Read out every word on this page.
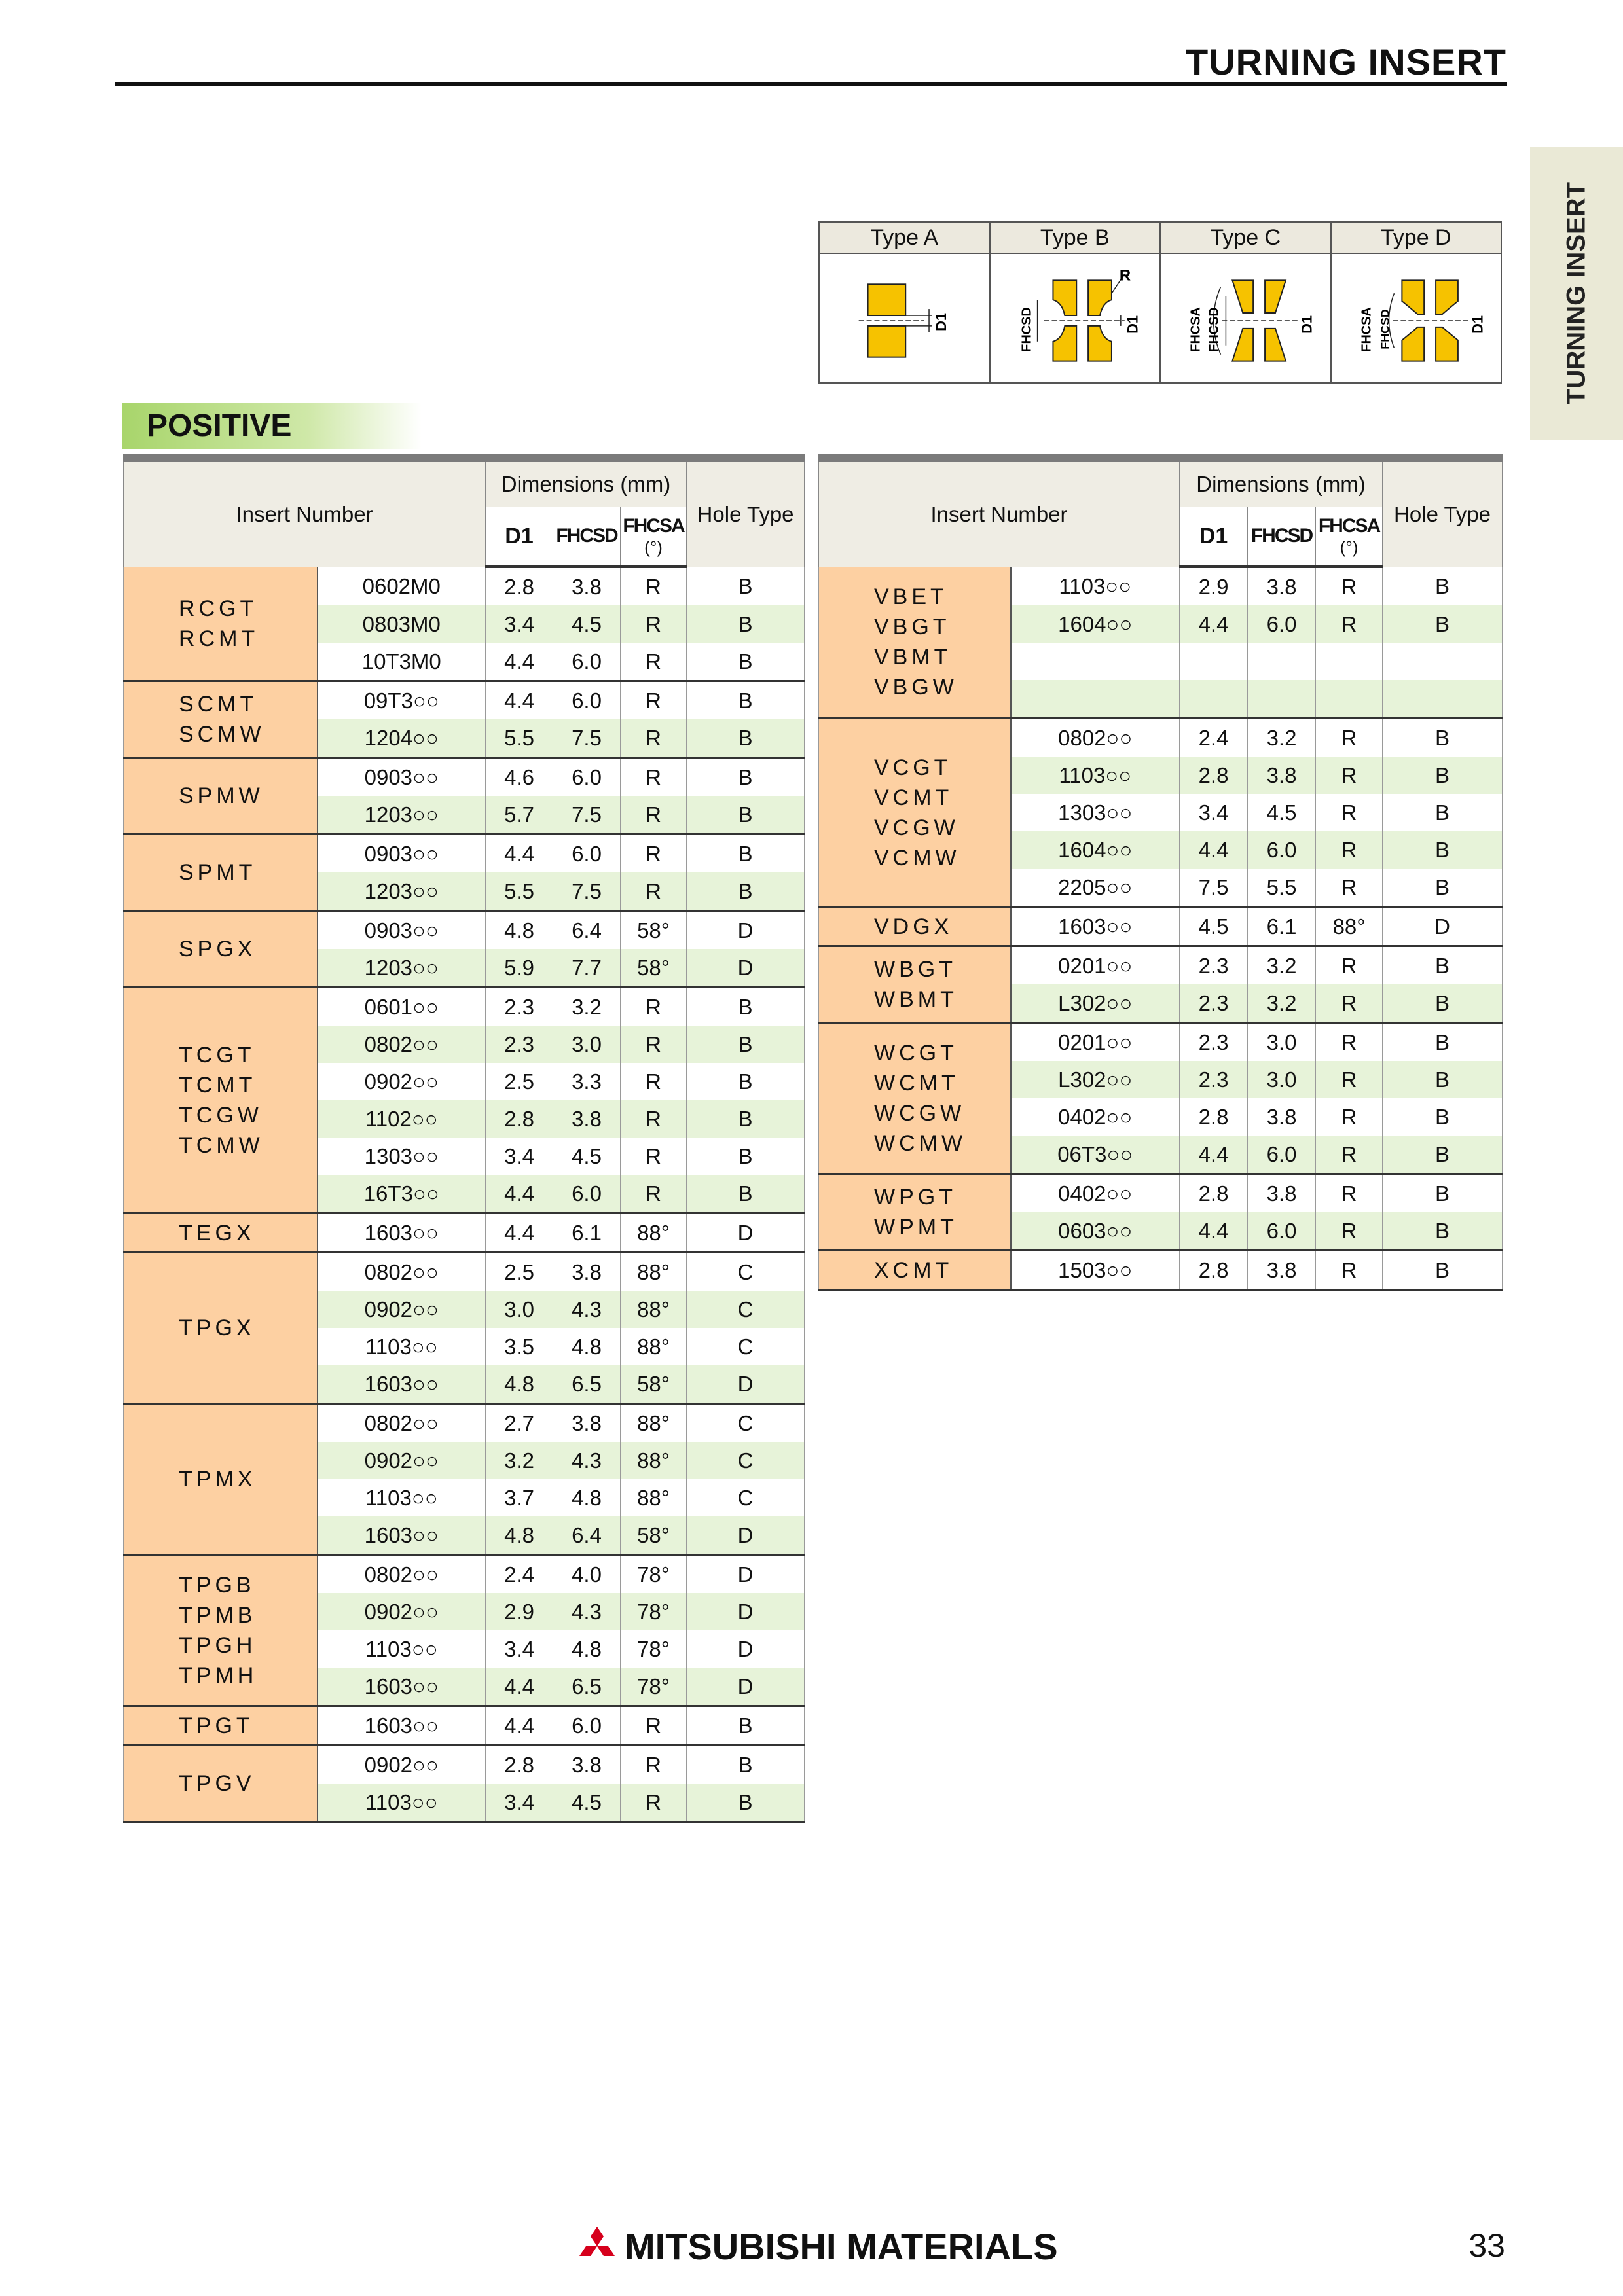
TURNING INSERT
TURNING INSERT
Type A	Type B	Type C	Type D

D1	R
FHCSD D1	FHCSA FHCSD D1	FHCSA FHCSD D1
POSITIVE
Insert Number		Dimensions (mm)			Hole Type
		D1	FHCSD	FHCSA
(°)	

RCGT
RCMT	0602M0	2.8	3.8	R	B
	0803M0	3.4	4.5	R	B
	10T3M0	4.4	6.0	R	B

SCMT
SCMW	09T3○○	4.4	6.0	R	B
	1204○○	5.5	7.5	R	B

SPMW	0903○○	4.6	6.0	R	B
	1203○○	5.7	7.5	R	B

SPMT	0903○○	4.4	6.0	R	B
	1203○○	5.5	7.5	R	B

SPGX	0903○○	4.8	6.4	58°	D
	1203○○	5.9	7.7	58°	D

TCGT
TCMT
TCGW
TCMW	0601○○	2.3	3.2	R	B
	0802○○	2.3	3.0	R	B
	0902○○	2.5	3.3	R	B
	1102○○	2.8	3.8	R	B
	1303○○	3.4	4.5	R	B
	16T3○○	4.4	6.0	R	B

TEGX	1603○○	4.4	6.1	88°	D

TPGX	0802○○	2.5	3.8	88°	C
	0902○○	3.0	4.3	88°	C
	1103○○	3.5	4.8	88°	C
	1603○○	4.8	6.5	58°	D

TPMX	0802○○	2.7	3.8	88°	C
	0902○○	3.2	4.3	88°	C
	1103○○	3.7	4.8	88°	C
	1603○○	4.8	6.4	58°	D

TPGB
TPMB
TPGH
TPMH	0802○○	2.4	4.0	78°	D
	0902○○	2.9	4.3	78°	D
	1103○○	3.4	4.8	78°	D
	1603○○	4.4	6.5	78°	D

TPGT	1603○○	4.4	6.0	R	B

TPGV	0902○○	2.8	3.8	R	B
	1103○○	3.4	4.5	R	B
Insert Number		Dimensions (mm)			Hole Type
		D1	FHCSD	FHCSA
(°)	

VBET
VBGT
VBMT
VBGW	1103○○	2.9	3.8	R	B
	1604○○	4.4	6.0	R	B

VCGT
VCMT
VCGW
VCMW	0802○○	2.4	3.2	R	B
	1103○○	2.8	3.8	R	B
	1303○○	3.4	4.5	R	B
	1604○○	4.4	6.0	R	B
	2205○○	7.5	5.5	R	B

VDGX	1603○○	4.5	6.1	88°	D

WBGT
WBMT	0201○○	2.3	3.2	R	B
	L302○○	2.3	3.2	R	B

WCGT
WCMT
WCGW
WCMW	0201○○	2.3	3.0	R	B
	L302○○	2.3	3.0	R	B
	0402○○	2.8	3.8	R	B
	06T3○○	4.4	6.0	R	B

WPGT
WPMT	0402○○	2.8	3.8	R	B
	0603○○	4.4	6.0	R	B

XCMT	1503○○	2.8	3.8	R	B
MITSUBISHI MATERIALS	33
